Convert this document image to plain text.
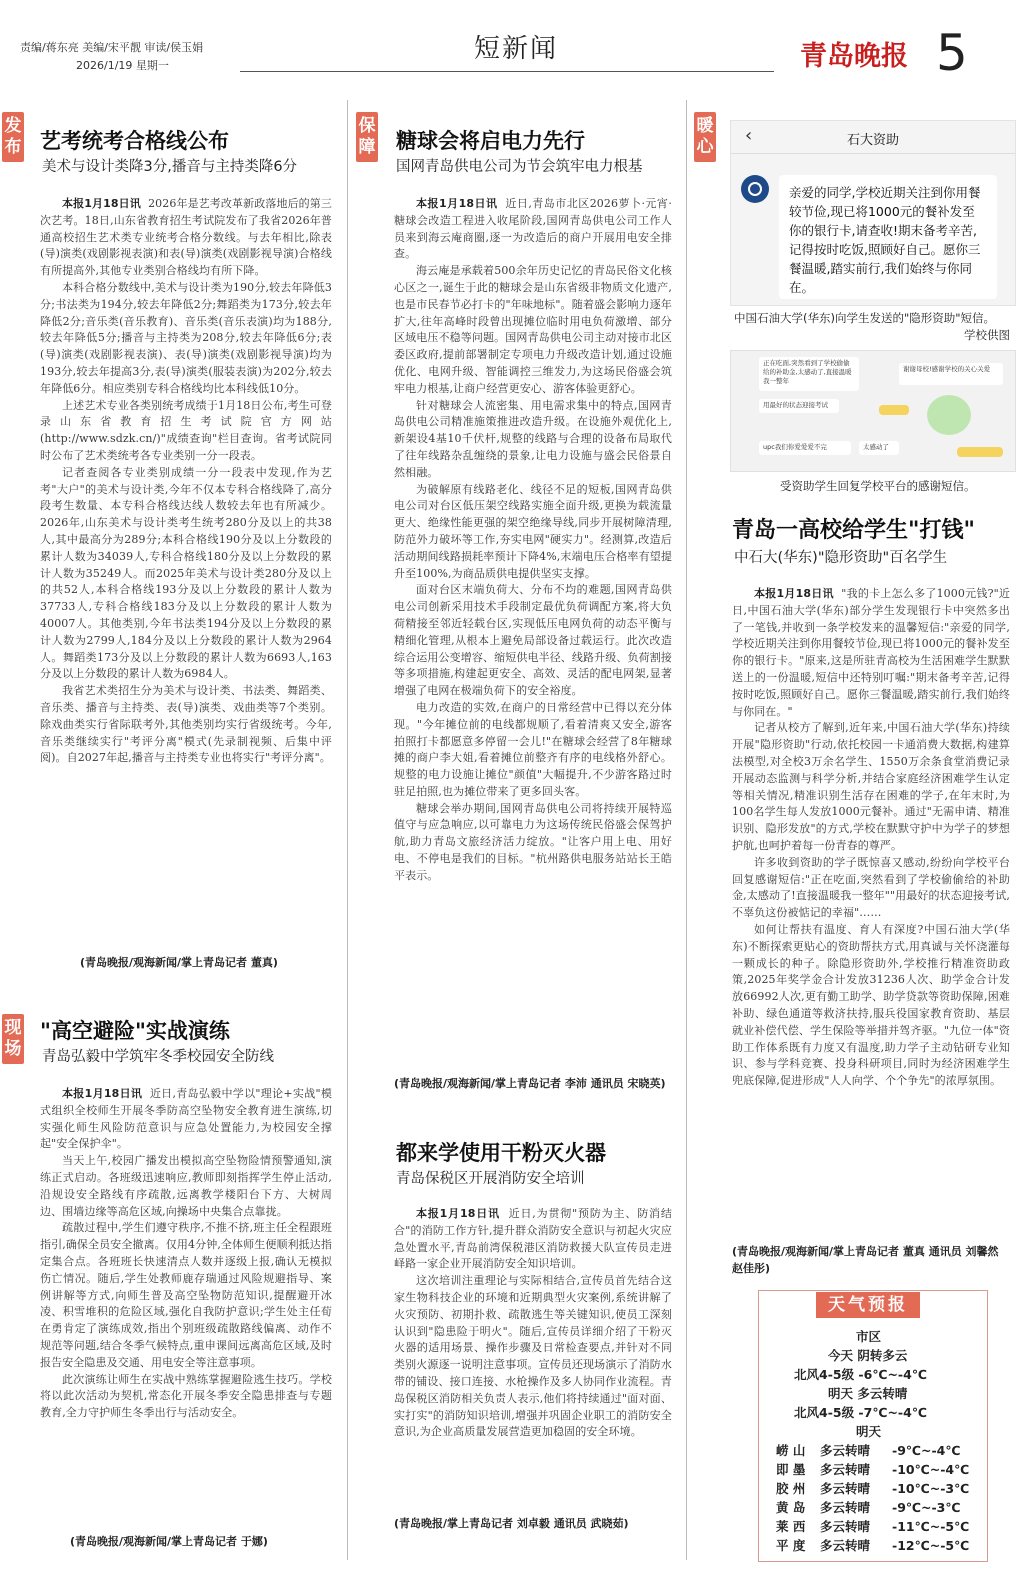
责编/蒋东亮 美编/宋平靓 审读/侯玉娟
2026/1/19 星期一
短新闻	青岛晚报 5
发布 艺考统考合格线公布
美术与设计类降3分,播音与主持类降6分

本报1月18日讯 2026年是艺考改革新政落地后的第三次艺考。18日,山东省教育招生考试院发布了我省2026年普通高校招生艺术类专业统考合格分数线。与去年相比,除表(导)演类(戏剧影视表演)和表(导)演类(戏剧影视导演)合格线有所提高外,其他专业类别合格线均有所下降。

本科合格分数线中,美术与设计类为190分,较去年降低3分;书法类为194分,较去年降低2分;舞蹈类为173分,较去年降低2分;音乐类(音乐教育)、音乐类(音乐表演)均为188分,较去年降低5分;播音与主持类为208分,较去年降低6分;表(导)演类(戏剧影视表演)、表(导)演类(戏剧影视导演)均为193分,较去年提高3分,表(导)演类(服装表演)为202分,较去年降低6分。相应类别专科合格线均比本科线低10分。

上述艺术专业各类别统考成绩于1月18日公布,考生可登录山东省教育招生考试院官方网站(http://www.sdzk.cn/)"成绩查询"栏目查询。省考试院同时公布了艺术类统考各专业类别一分一段表。

记者查阅各专业类别成绩一分一段表中发现,作为艺考"大户"的美术与设计类,今年不仅本专科合格线降了,高分段考生数量、本专科合格线达线人数较去年也有所减少。2026年,山东美术与设计类考生统考280分及以上的共38人,其中最高分为289分;本科合格线190分及以上分数段的累计人数为34039人,专科合格线180分及以上分数段的累计人数为35249人。而2025年美术与设计类280分及以上的共52人,本科合格线193分及以上分数段的累计人数为37733人,专科合格线183分及以上分数段的累计人数为40007人。其他类别,今年书法类194分及以上分数段的累计人数为2799人,184分及以上分数段的累计人数为2964人。舞蹈类173分及以上分数段的累计人数为6693人,163分及以上分数段的累计人数为6984人。

我省艺术类招生分为美术与设计类、书法类、舞蹈类、音乐类、播音与主持类、表(导)演类、戏曲类等7个类别。除戏曲类实行省际联考外,其他类别均实行省级统考。今年,音乐类继续实行"考评分离"模式(先录制视频、后集中评阅)。自2027年起,播音与主持类专业也将实行"考评分离"。

(青岛晚报/观海新闻/掌上青岛记者 董真)
现场
"高空避险"实战演练
青岛弘毅中学筑牢冬季校园安全防线

本报1月18日讯 近日,青岛弘毅中学以"理论+实战"模式组织全校师生开展冬季防高空坠物安全教育进生演练,切实强化师生风险防范意识与应急处置能力,为校园安全撑起"安全保护伞"。

当天上午,校园广播发出模拟高空坠物险情预警通知,演练正式启动。各班级迅速响应,教师即刻指挥学生停止活动,沿规设安全路线有序疏散,远离教学楼阳台下方、大树周边、围墙边缘等高危区域,向操场中央集合点靠拢。

疏散过程中,学生们遵守秩序,不推不挤,班主任全程跟班指引,确保全员安全撤离。仅用4分钟,全体师生便顺利抵达指定集合点。各班班长快速清点人数并逐级上报,确认无模拟伤亡情况。随后,学生处教师鹿存瑞通过风险规避指导、案例讲解等方式,向师生普及高空坠物防范知识,提醒避开冰凌、积雪堆积的危险区域,强化自我防护意识;学生处主任荀在勇肯定了演练成效,指出个别班级疏散路线偏离、动作不规范等问题,结合冬季气候特点,重申课间远离高危区域,及时报告安全隐患及交通、用电安全等注意事项。

此次演练让师生在实战中熟练掌握避险逃生技巧。学校将以此次活动为契机,常态化开展冬季安全隐患排查与专题教育,全力守护师生冬季出行与活动安全。

(青岛晚报/观海新闻/掌上青岛记者 于娜)
保障 糖球会将启电力先行
国网青岛供电公司为节会筑牢电力根基

本报1月18日讯 近日,青岛市北区2026萝卜·元宵·糖球会改造工程进入收尾阶段,国网青岛供电公司工作人员来到海云庵商圈,逐一为改造后的商户开展用电安全排查。

海云庵是承载着500余年历史记忆的青岛民俗文化核心区之一,诞生于此的糖球会是山东省级非物质文化遗产,也是市民春节必打卡的"年味地标"。随着盛会影响力逐年扩大,往年高峰时段曾出现摊位临时用电负荷激增、部分区域电压不稳等问题。国网青岛供电公司主动对接市北区委区政府,提前部署制定专项电力升级改造计划,通过设施优化、电网升级、智能调控三维发力,为这场民俗盛会筑牢电力根基,让商户经营更安心、游客体验更舒心。

针对糖球会人流密集、用电需求集中的特点,国网青岛供电公司精准施策推进改造升级。在设施外观优化上,新架设4基10千伏杆,规整的线路与合理的设备布局取代了往年线路杂乱缠绕的景象,让电力设施与盛会民俗景自然相融。

为破解原有线路老化、线径不足的短板,国网青岛供电公司对台区低压架空线路实施全面升级,更换为载流量更大、绝缘性能更强的架空绝缘导线,同步开展树障清理,防范外力破坏等工作,夯实电网"硬实力"。经测算,改造后活动期间线路损耗率预计下降4%,末端电压合格率有望提升至100%,为商品质供电提供坚实支撑。

面对台区末端负荷大、分布不均的难题,国网青岛供电公司创新采用技术手段制定最优负荷调配方案,将大负荷精接至邻近轻载台区,实现低压电网负荷的动态平衡与精细化管理,从根本上避免局部设备过载运行。此次改造综合运用公变增容、缩短供电半径、线路升级、负荷割接等多项措施,构建起更安全、高效、灵活的配电网架,显著增强了电网在极端负荷下的安全裕度。

电力改造的实效,在商户的日常经营中已得以充分体现。"今年摊位前的电线都规顺了,看着清爽又安全,游客拍照打卡都愿意多停留一会儿!"在糖球会经营了8年糖球摊的商户李大姐,看着摊位前整齐有序的电线格外舒心。规整的电力设施让摊位"颜值"大幅提升,不少游客路过时驻足拍照,也为摊位带来了更多回头客。

糖球会举办期间,国网青岛供电公司将持续开展特巡值守与应急响应,以可靠电力为这场传统民俗盛会保驾护航,助力青岛文旅经济活力绽放。"让客户用上电、用好电、不停电是我们的目标。"杭州路供电服务站站长王皓平表示。

(青岛晚报/观海新闻/掌上青岛记者 李沛 通讯员 宋晓英)
都来学使用干粉灭火器
青岛保税区开展消防安全培训

本报1月18日讯 近日,为贯彻"预防为主、防消结合"的消防工作方针,提升群众消防安全意识与初起火灾应急处置水平,青岛前湾保税港区消防救援大队宣传员走进峄路一家企业开展消防安全知识培训。

这次培训注重理论与实际相结合,宣传员首先结合这家生物科技企业的环境和近期典型火灾案例,系统讲解了火灾预防、初期扑救、疏散逃生等关键知识,使员工深刻认识到"隐患险于明火"。随后,宣传员详细介绍了干粉灭火器的适用场景、操作步骤及日常检查要点,并针对不同类别火源逐一说明注意事项。宣传员还现场演示了消防水带的铺设、接口连接、水枪操作及多人协同作业流程。青岛保税区消防相关负责人表示,他们将持续通过"面对面、实打实"的消防知识培训,增强并巩固企业职工的消防安全意识,为企业高质量发展营造更加稳固的安全环境。

(青岛晚报/掌上青岛记者 刘卓毅 通讯员 武晓茹)
暖心
‹	石大资助
亲爱的同学,学校近期关注到你用餐较节俭,现已将1000元的餐补发至你的银行卡,请查收!期末备考辛苦,记得按时吃饭,照顾好自己。愿你三餐温暖,踏实前行,我们始终与你同在。
中国石油大学(华东)向学生发送的"隐形资助"短信。
学校供图
正在吃面,突然看到了学校偷偷给的补助金,太感动了,直接温暖我一整年
谢谢母校!感谢学校的关心关爱
用最好的状态迎接考试
upc我们你爱爱爱不完	太感动了
受资助学生回复学校平台的感谢短信。
青岛一高校给学生"打钱"
中石大(华东)"隐形资助"百名学生

本报1月18日讯 "我的卡上怎么多了1000元钱?"近日,中国石油大学(华东)部分学生发现银行卡中突然多出了一笔钱,并收到一条学校发来的温馨短信:"亲爱的同学,学校近期关注到你用餐较节俭,现已将1000元的餐补发至你的银行卡。"原来,这是所驻青高校为生活困难学生默默送上的一份温暖,短信中还特别叮嘱:"期末备考辛苦,记得按时吃饭,照顾好自己。愿你三餐温暖,踏实前行,我们始终与你同在。"

记者从校方了解到,近年来,中国石油大学(华东)持续开展"隐形资助"行动,依托校园一卡通消费大数据,构建算法模型,对全校3万余名学生、1550万余条食堂消费记录开展动态监测与科学分析,并结合家庭经济困难学生认定等相关情况,精准识别生活存在困难的学子,在年末时,为100名学生每人发放1000元餐补。通过"无需申请、精准识别、隐形发放"的方式,学校在默默守护中为学子的梦想护航,也呵护着每一份青春的尊严。

许多收到资助的学子既惊喜又感动,纷纷向学校平台回复感谢短信:"正在吃面,突然看到了学校偷偷给的补助金,太感动了!直接温暖我一整年""用最好的状态迎接考试,不辜负这份被惦记的幸福"……

如何让帮扶有温度、育人有深度?中国石油大学(华东)不断探索更贴心的资助帮扶方式,用真诚与关怀浇灌每一颗成长的种子。除隐形资助外,学校推行精准资助政策,2025年奖学金合计发放31236人次、助学金合计发放66992人次,更有勤工助学、助学贷款等资助保障,困难补助、绿色通道等救济扶持,服兵役国家教育资助、基层就业补偿代偿、学生保险等举措并驾齐驱。"九位一体"资助工作体系既有力度又有温度,助力学子主动钻研专业知识、参与学科竞赛、投身科研项目,同时为经济困难学生兜底保障,促进形成"人人向学、个个争先"的浓厚氛围。

(青岛晚报/观海新闻/掌上青岛记者 董真 通讯员 刘馨然 赵佳彤)
天气预报
市区
今天 阴转多云
北风4-5级 -6℃~-4℃
明天 多云转晴
北风4-5级 -7℃~-4℃
明天
崂 山 多云转晴 -9℃~-4℃
即 墨 多云转晴 -10℃~-4℃
胶 州 多云转晴 -10℃~-3℃
黄 岛 多云转晴 -9℃~-3℃
莱 西 多云转晴 -11℃~-5℃
平 度 多云转晴 -12℃~-5℃
